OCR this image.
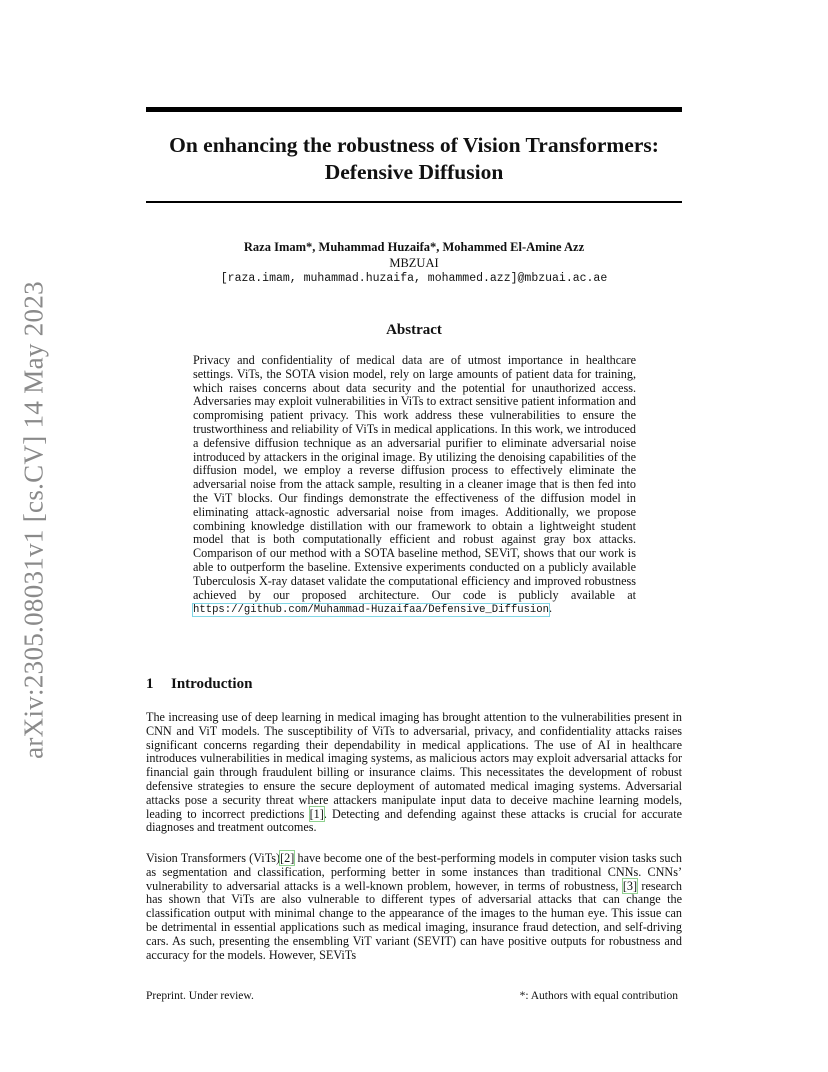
arXiv:2305.08031v1 [cs.CV] 14 May 2023
On enhancing the robustness of Vision Transformers:
Defensive Diffusion
Raza Imam*, Muhammad Huzaifa*, Mohammed El-Amine Azz
MBZUAI
[raza.imam, muhammad.huzaifa, mohammed.azz]@mbzuai.ac.ae
Abstract
Privacy and confidentiality of medical data are of utmost importance in healthcare settings. ViTs, the SOTA vision model, rely on large amounts of patient data for training, which raises concerns about data security and the potential for unauthorized access. Adversaries may exploit vulnerabilities in ViTs to extract sensitive patient information and compromising patient privacy. This work address these vulnerabilities to ensure the trustworthiness and reliability of ViTs in medical applications. In this work, we introduced a defensive diffusion technique as an adversarial purifier to eliminate adversarial noise introduced by attackers in the original image. By utilizing the denoising capabilities of the diffusion model, we employ a reverse diffusion process to effectively eliminate the adversarial noise from the attack sample, resulting in a cleaner image that is then fed into the ViT blocks. Our findings demonstrate the effectiveness of the diffusion model in eliminating attack-agnostic adversarial noise from images. Additionally, we propose combining knowledge distillation with our framework to obtain a lightweight student model that is both computationally efficient and robust against gray box attacks. Comparison of our method with a SOTA baseline method, SEViT, shows that our work is able to outperform the baseline. Extensive experiments conducted on a publicly available Tuberculosis X-ray dataset validate the computational efficiency and improved robustness achieved by our proposed architecture. Our code is publicly available at https://github.com/Muhammad-Huzaifaa/Defensive_Diffusion.
1 Introduction
The increasing use of deep learning in medical imaging has brought attention to the vulnerabilities present in CNN and ViT models. The susceptibility of ViTs to adversarial, privacy, and confidentiality attacks raises significant concerns regarding their dependability in medical applications. The use of AI in healthcare introduces vulnerabilities in medical imaging systems, as malicious actors may exploit adversarial attacks for financial gain through fraudulent billing or insurance claims. This necessitates the development of robust defensive strategies to ensure the secure deployment of automated medical imaging systems. Adversarial attacks pose a security threat where attackers manipulate input data to deceive machine learning models, leading to incorrect predictions [1]. Detecting and defending against these attacks is crucial for accurate diagnoses and treatment outcomes.
Vision Transformers (ViTs)[2] have become one of the best-performing models in computer vision tasks such as segmentation and classification, performing better in some instances than traditional CNNs. CNNs’ vulnerability to adversarial attacks is a well-known problem, however, in terms of robustness, [3] research has shown that ViTs are also vulnerable to different types of adversarial attacks that can change the classification output with minimal change to the appearance of the images to the human eye. This issue can be detrimental in essential applications such as medical imaging, insurance fraud detection, and self-driving cars. As such, presenting the ensembling ViT variant (SEVIT) can have positive outputs for robustness and accuracy for the models. However, SEViTs
Preprint. Under review.	*: Authors with equal contribution
